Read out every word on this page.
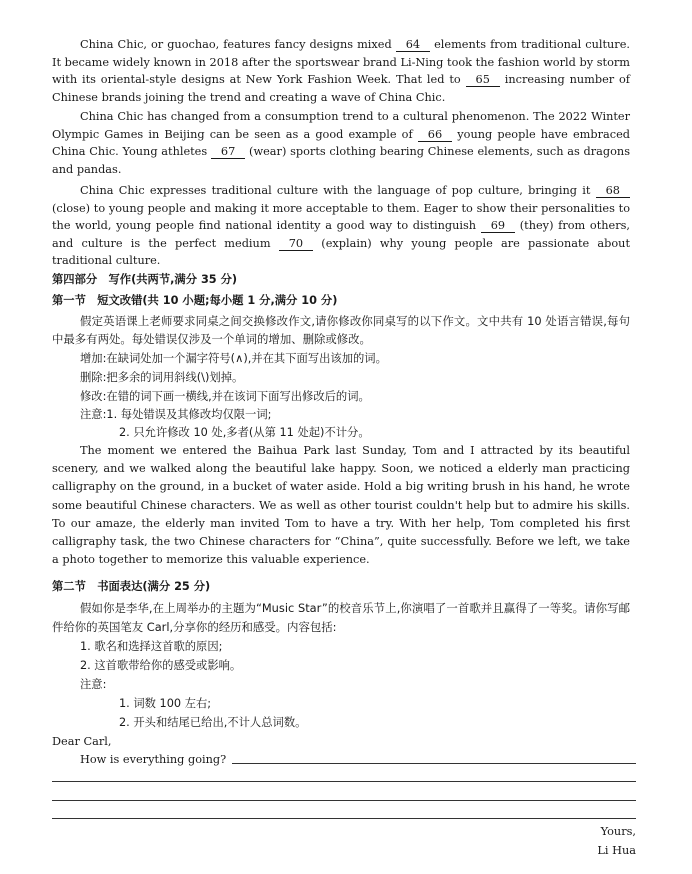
China Chic, or guochao, features fancy designs mixed 64 elements from traditional culture. It became widely known in 2018 after the sportswear brand Li-Ning took the fashion world by storm with its oriental-style designs at New York Fashion Week. That led to 65 increasing number of Chinese brands joining the trend and creating a wave of China Chic.

China Chic has changed from a consumption trend to a cultural phenomenon. The 2022 Winter Olympic Games in Beijing can be seen as a good example of 66 young people have embraced China Chic. Young athletes 67 (wear) sports clothing bearing Chinese elements, such as dragons and pandas.

China Chic expresses traditional culture with the language of pop culture, bringing it 68 (close) to young people and making it more acceptable to them. Eager to show their personalities to the world, young people find national identity a good way to distinguish 69 (they) from others, and culture is the perfect medium 70 (explain) why young people are passionate about traditional culture.

第四部分　写作(共两节,满分 35 分)
第一节　短文改错(共 10 小题;每小题 1 分,满分 10 分)

假定英语课上老师要求同桌之间交换修改作文,请你修改你同桌写的以下作文。文中共有 10 处语言错误,每句中最多有两处。每处错误仅涉及一个单词的增加、删除或修改。

增加:在缺词处加一个漏字符号(∧),并在其下面写出该加的词。
删除:把多余的词用斜线(\)划掉。
修改:在错的词下画一横线,并在该词下面写出修改后的词。
注意:1. 每处错误及其修改均仅限一词;
2. 只允许修改 10 处,多者(从第 11 处起)不计分。

The moment we entered the Baihua Park last Sunday, Tom and I attracted by its beautiful scenery, and we walked along the beautiful lake happy. Soon, we noticed a elderly man practicing calligraphy on the ground, in a bucket of water aside. Hold a big writing brush in his hand, he wrote some beautiful Chinese characters. We as well as other tourist couldn't help but to admire his skills. To our amaze, the elderly man invited Tom to have a try. With her help, Tom completed his first calligraphy task, the two Chinese characters for “China”, quite successfully. Before we left, we take a photo together to memorize this valuable experience.

第二节　书面表达(满分 25 分)

假如你是李华,在上周举办的主题为“Music Star”的校音乐节上,你演唱了一首歌并且赢得了一等奖。请你写邮件给你的英国笔友 Carl,分享你的经历和感受。内容包括:

1. 歌名和选择这首歌的原因;
2. 这首歌带给你的感受或影响。
注意:
1. 词数 100 左右;
2. 开头和结尾已给出,不计人总词数。
Dear Carl,
How is everything going?
Yours,
Li Hua
